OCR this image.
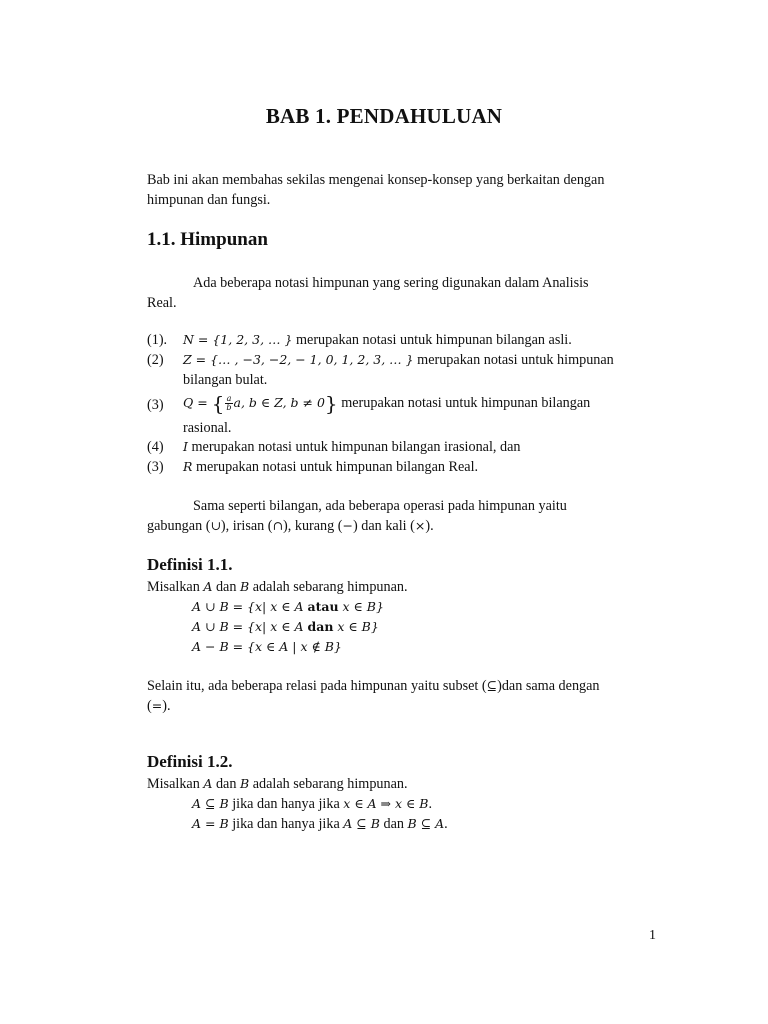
BAB 1. PENDAHULUAN
Bab ini akan membahas sekilas mengenai konsep-konsep yang berkaitan dengan
himpunan dan fungsi.
1.1. Himpunan
Ada beberapa notasi himpunan yang sering digunakan dalam Analisis
Real.
(1). N = {1, 2, 3, … } merupakan notasi untuk himpunan bilangan asli.
(2) Z = {… , −3, −2, − 1, 0, 1, 2, 3, … } merupakan notasi untuk himpunan
bilangan bulat.
(3) Q = { $\frac{a}{b} a$, b ∈ Z, b ≠ 0} merupakan notasi untuk himpunan bilangan
rasional.
(4) I merupakan notasi untuk himpunan bilangan irasional, dan
(3) R merupakan notasi untuk himpunan bilangan Real.
Sama seperti bilangan, ada beberapa operasi pada himpunan yaitu
gabungan (∪), irisan (∩), kurang (−) dan kali (×).
Definisi 1.1.
Misalkan A dan B adalah sebarang himpunan.
A ∪ B = {x| x ∈ A atau x ∈ B}
A ∪ B = {x| x ∈ A dan x ∈ B}
A − B = {x ∈ A | x ∉ B}
Selain itu, ada beberapa relasi pada himpunan yaitu subset (⊆)dan sama dengan
(=).
Definisi 1.2.
Misalkan A dan B adalah sebarang himpunan.
A ⊆ B jika dan hanya jika x ∈ A ⇒ x ∈ B.
A = B jika dan hanya jika A ⊆ B dan B ⊆ A.
1
